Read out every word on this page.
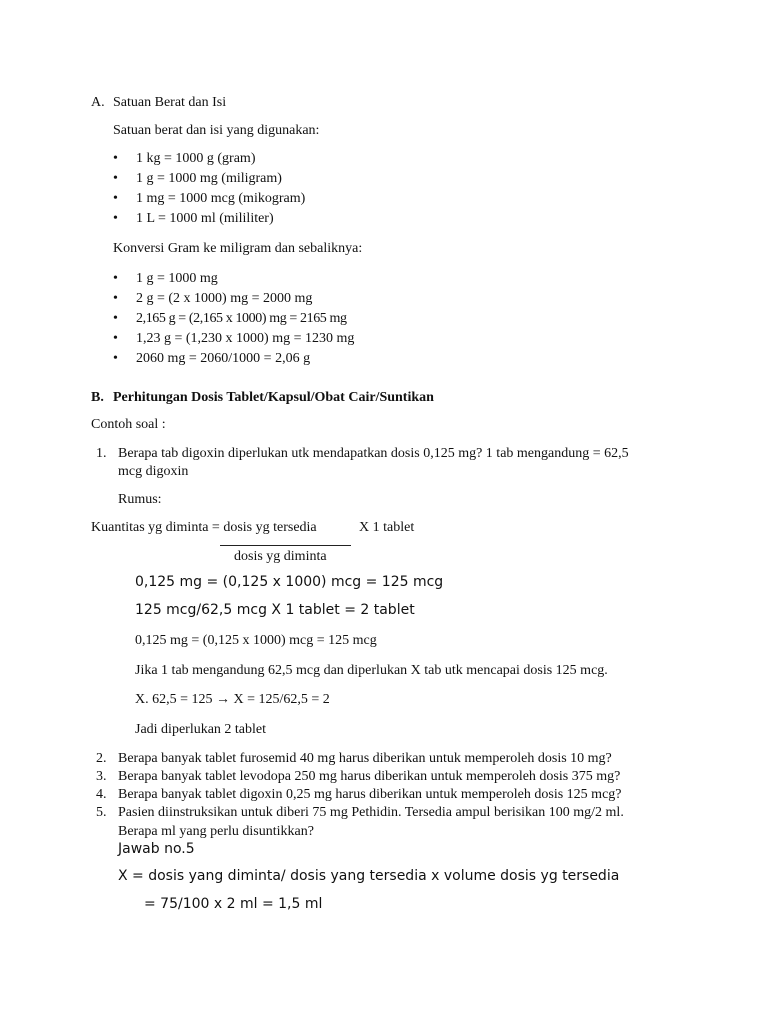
A. Satuan Berat dan Isi
Satuan berat dan isi yang digunakan:
• 1 kg = 1000 g (gram)
• 1 g = 1000 mg (miligram)
• 1 mg = 1000 mcg (mikogram)
• 1 L = 1000 ml (mililiter)
Konversi Gram ke miligram dan sebaliknya:
• 1 g = 1000 mg
• 2 g = (2 x 1000) mg = 2000 mg
• 2,165 g = (2,165 x 1000) mg = 2165 mg
• 1,23 g = (1,230 x 1000) mg = 1230 mg
• 2060 mg = 2060/1000 = 2,06 g
B. Perhitungan Dosis Tablet/Kapsul/Obat Cair/Suntikan
Contoh soal :
1. Berapa tab digoxin diperlukan utk mendapatkan dosis 0,125 mg? 1 tab mengandung = 62,5
mcg digoxin
Rumus:
Kuantitas yg diminta = dosis yg tersedia	X 1 tablet
dosis yg diminta
0,125 mg = (0,125 x 1000) mcg = 125 mcg
125 mcg/62,5 mcg X 1 tablet = 2 tablet
0,125 mg = (0,125 x 1000) mcg = 125 mcg
Jika 1 tab mengandung 62,5 mcg dan diperlukan X tab utk mencapai dosis 125 mcg.
X. 62,5 = 125 → X = 125/62,5 = 2
Jadi diperlukan 2 tablet
2. Berapa banyak tablet furosemid 40 mg harus diberikan untuk memperoleh dosis 10 mg?
3. Berapa banyak tablet levodopa 250 mg harus diberikan untuk memperoleh dosis 375 mg?
4. Berapa banyak tablet digoxin 0,25 mg harus diberikan untuk memperoleh dosis 125 mcg?
5. Pasien diinstruksikan untuk diberi 75 mg Pethidin. Tersedia ampul berisikan 100 mg/2 ml.
Berapa ml yang perlu disuntikkan?
Jawab no.5
X = dosis yang diminta/ dosis yang tersedia x volume dosis yg tersedia
= 75/100 x 2 ml = 1,5 ml
